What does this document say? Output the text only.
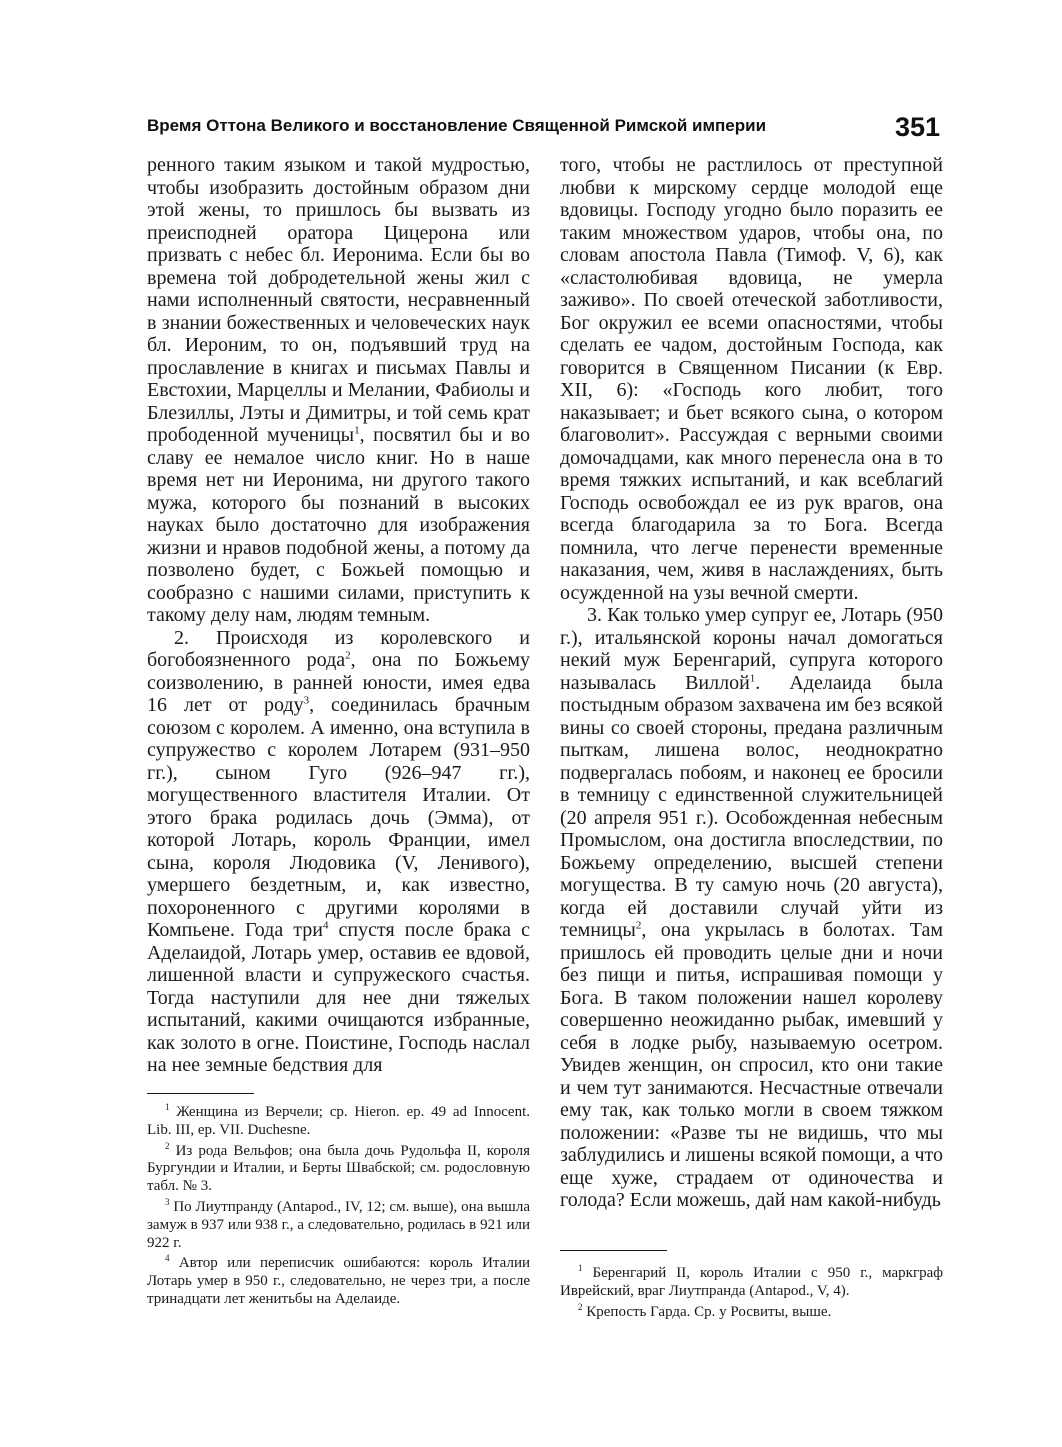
Время Оттона Великого и восстановление Священной Римской империи	351

ренного таким языком и такой мудростью, чтобы изобразить достойным образом дни этой жены, то пришлось бы вызвать из преисподней оратора Цицерона или призвать с небес бл. Иеронима. Если бы во времена той добродетельной жены жил с нами исполненный святости, несравненный в знании божественных и человеческих наук бл. Иероним, то он, подъявший труд на прославление в книгах и письмах Павлы и Евстохии, Марцеллы и Мелании, Фабиолы и Блезиллы, Лэты и Димитры, и той семь крат прободенной мученицы$^1$, посвятил бы и во славу ее немалое число книг. Но в наше время нет ни Иеронима, ни другого такого мужа, которого бы познаний в высоких науках было достаточно для изображения жизни и нравов подобной жены, а потому да позволено будет, с Божьей помощью и сообразно с нашими силами, приступить к такому делу нам, людям темным.

2. Происходя из королевского и богобоязненного рода$^2$, она по Божьему соизволению, в ранней юности, имея едва 16 лет от роду$^3$, соединилась брачным союзом с королем. А именно, она вступила в супружество с королем Лотарем (931–950 гг.), сыном Гуго (926–947 гг.), могущественного властителя Италии. От этого брака родилась дочь (Эмма), от которой Лотарь, король Франции, имел сына, короля Людовика (V, Ленивого), умершего бездетным, и, как известно, похороненного с другими королями в Компьене. Года три$^4$ спустя после брака с Аделаидой, Лотарь умер, оставив ее вдовой, лишенной власти и супружеского счастья. Тогда наступили для нее дни тяжелых испытаний, какими очищаются избранные, как золото в огне. Поистине, Господь наслал на нее земные бедствия для

того, чтобы не растлилось от преступной любви к мирскому сердце молодой еще вдовицы. Господу угодно было поразить ее таким множеством ударов, чтобы она, по словам апостола Павла (Тимоф. V, 6), как «сластолюбивая вдовица, не умерла заживо». По своей отеческой заботливости, Бог окружил ее всеми опасностями, чтобы сделать ее чадом, достойным Господа, как говорится в Священном Писании (к Евр. XII, 6): «Господь кого любит, того наказывает; и бьет всякого сына, о котором благоволит». Рассуждая с верными своими домочадцами, как много перенесла она в то время тяжких испытаний, и как всеблагий Господь освобождал ее из рук врагов, она всегда благодарила за то Бога. Всегда помнила, что легче перенести временные наказания, чем, живя в наслаждениях, быть осужденной на узы вечной смерти.

3. Как только умер супруг ее, Лотарь (950 г.), итальянской короны начал домогаться некий муж Беренгарий, супруга которого называлась Виллой$^1$. Аделаида была постыдным образом захвачена им без всякой вины со своей стороны, предана различным пыткам, лишена волос, неоднократно подвергалась побоям, и наконец ее бросили в темницу с единственной служительницей (20 апреля 951 г.). Особожденная небесным Промыслом, она достигла впоследствии, по Божьему определению, высшей степени могущества. В ту самую ночь (20 августа), когда ей доставили случай уйти из темницы$^2$, она укрылась в болотах. Там пришлось ей проводить целые дни и ночи без пищи и питья, испрашивая помощи у Бога. В таком положении нашел королеву совершенно неожиданно рыбак, имевший у себя в лодке рыбу, называемую осетром. Увидев женщин, он спросил, кто они такие и чем тут занимаются. Несчастные отвечали ему так, как только могли в своем тяжком положении: «Разве ты не видишь, что мы заблудились и лишены всякой помощи, а что еще хуже, страдаем от одиночества и голода? Если можешь, дай нам какой-нибудь

$^1$ Женщина из Верчели; ср. Hieron. ep. 49 ad Innocent. Lib. III, ep. VII. Duchesne.

$^2$ Из рода Вельфов; она была дочь Рудольфа II, короля Бургундии и Италии, и Берты Швабской; см. родословную табл. № 3.

$^3$ По Лиутпранду (Antapod., IV, 12; см. выше), она вышла замуж в 937 или 938 г., а следовательно, родилась в 921 или 922 г.

$^4$ Автор или переписчик ошибаются: король Италии Лотарь умер в 950 г., следовательно, не через три, а после тринадцати лет женитьбы на Аделаиде.

$^1$ Беренгарий II, король Италии с 950 г., маркграф Иврейский, враг Лиутпранда (Antapod., V, 4).

$^2$ Крепость Гарда. Ср. у Росвиты, выше.
